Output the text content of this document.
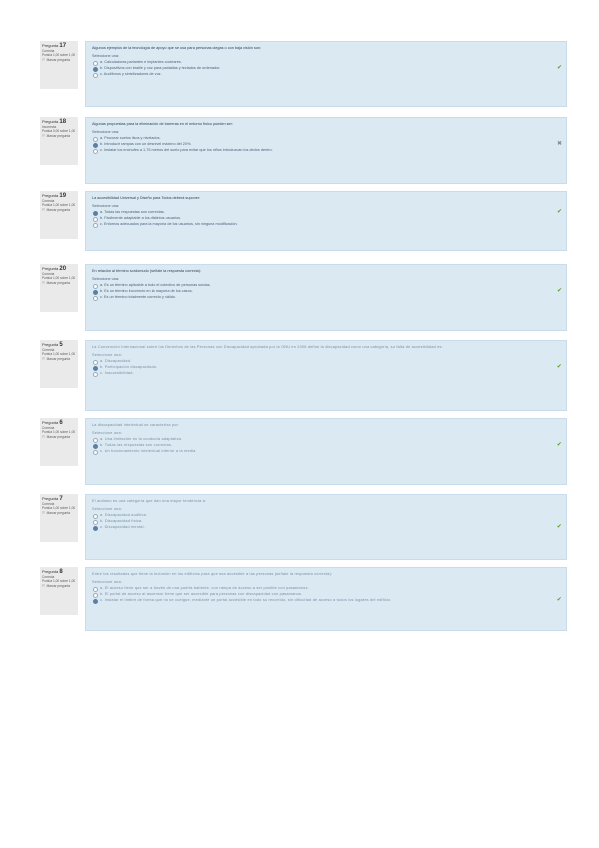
Pregunta 17
Correcta
Puntúa 1,00 sobre 1,00
⚐ Marcar pregunta
Algunos ejemplos de la tecnología de apoyo que se usa para personas ciegas o con baja visión son:
Seleccione una:
a. Calculadoras parlantes e implantes cocleares.
b. Dispositivos con braille y voz para pantallas y teclados de ordenador.	✔
c. Audífonos y sintetizadores de voz.
Pregunta 18
Incorrecta
Puntúa 0,00 sobre 1,00
⚐ Marcar pregunta
Algunas propuestas para la eliminación de barreras en el entorno físico pueden ser:
Seleccione una:
a. Procurar suelos lisos y nivelados.
b. Introducir rampas con un desnivel máximo del 20%.	✖
c. Instalar los enchufes a 1,75 metros del suelo para evitar que los niños introduzcan los dedos dentro.
Pregunta 19
Correcta
Puntúa 1,00 sobre 1,00
⚐ Marcar pregunta
La accesibilidad Universal y Diseño para Todos deberá suponer:
Seleccione una:
a. Todas las respuestas son correctas.	✔
b. Fácilmente adaptable a los distintos usuarios.
c. Entornos adecuados para la mayoría de los usuarios, sin ninguna modificación.
Pregunta 20
Correcta
Puntúa 1,00 sobre 1,00
⚐ Marcar pregunta
En relación al término sordomudo (señale la respuesta correcta):
Seleccione una:
a. Es un término aplicable a todo el colectivo de personas sordas.
b. Es un término incorrecto en la mayoría de los casos.	✔
c. Es un término totalmente correcto y válido.
Pregunta 5
Correcta
Puntúa 1,00 sobre 1,00
⚐ Marcar pregunta
La Convención Internacional sobre los Derechos de las Personas con Discapacidad aprobada por la ONU en 2006 define la discapacidad como una categoría, su falta de accesibilidad es:
Seleccione una:
a. Discapacidad.
b. Participación discapacitado.	✔
c. Inaccesibilidad.
Pregunta 6
Correcta
Puntúa 1,00 sobre 1,00
⚐ Marcar pregunta
La discapacidad intelectual se caracteriza por:
Seleccione una:
a. Una limitación en la conducta adaptativa.
b. Todas las respuestas son correctas.	✔
c. Un funcionamiento intelectual inferior a la media.
Pregunta 7
Correcta
Puntúa 1,00 sobre 1,00
⚐ Marcar pregunta
El autismo es una categoría que dan una mayor tendencia a:
Seleccione una:
a. Discapacidad auditiva.
b. Discapacidad física.
c. Discapacidad mental.	✔
Pregunta 8
Correcta
Puntúa 1,00 sobre 1,00
⚐ Marcar pregunta
Entre los resultados que tiene la inclusión en los edificios para que sea accesible a las personas (señale la respuesta correcta):
Seleccione una:
a. El acceso tiene que ser a través de una puerta batiente, con rampa de acceso a ser posible con pasamanos.
b. El portal de acceso al ascensor tiene que ser accesible para personas con discapacidad con pasamanos.
c. Instalar el timbre de forma que no se cuelgue, mediante un portal accesible en todo su recorrido, sin dificultad de acceso a todos los lugares del edificio.	✔
